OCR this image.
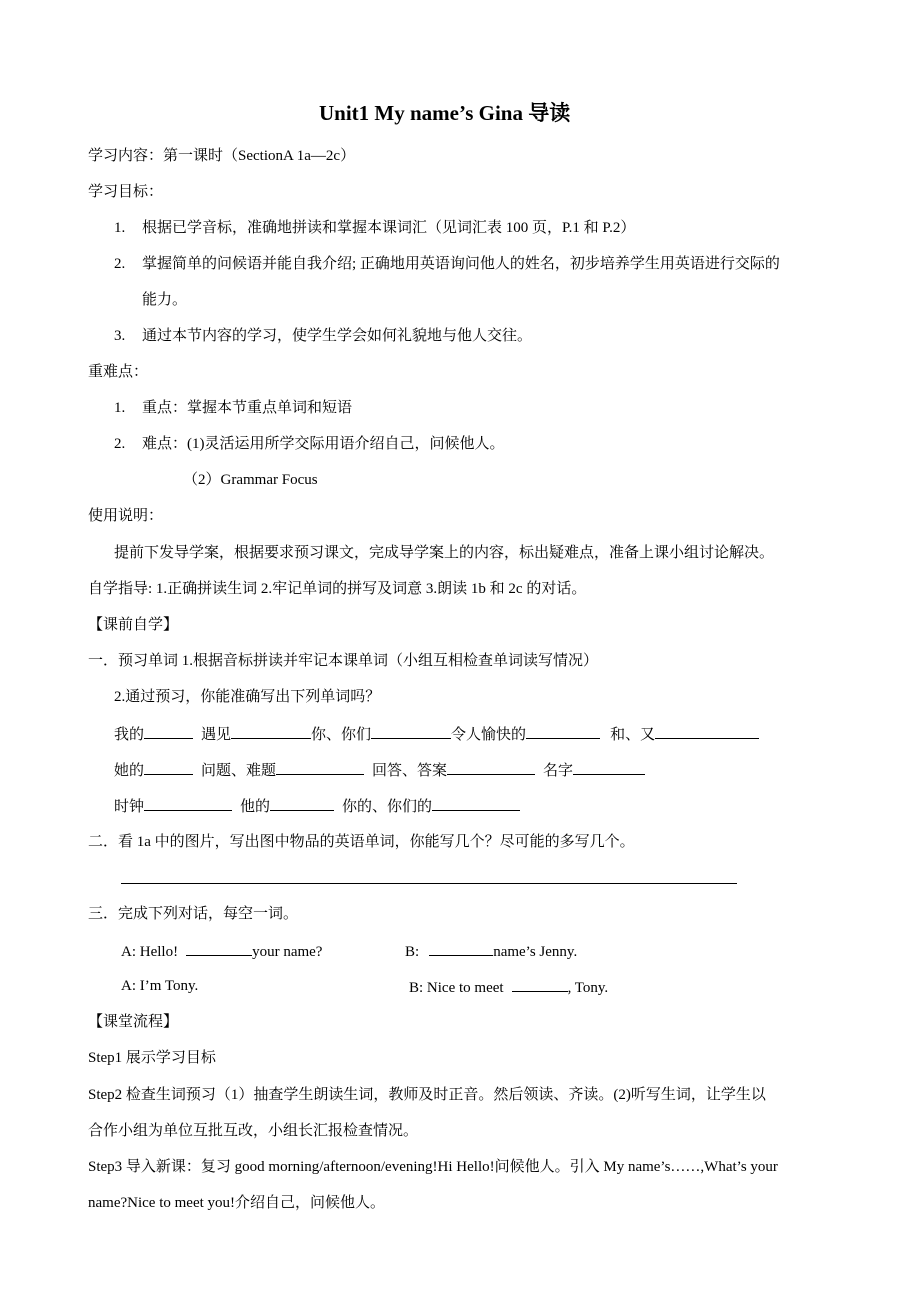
Unit1 My name’s Gina 导读
学习内容：第一课时（SectionA 1a—2c）
学习目标：
1. 根据已学音标，准确地拼读和掌握本课词汇（见词汇表 100 页，P.1 和 P.2）
2. 掌握简单的问候语并能自我介绍; 正确地用英语询问他人的姓名，初步培养学生用英语进行交际的
能力。
3. 通过本节内容的学习，使学生学会如何礼貌地与他人交往。
重难点：
1. 重点：掌握本节重点单词和短语
2. 难点：(1)灵活运用所学交际用语介绍自己，问候他人。
（2）Grammar Focus
使用说明：
提前下发导学案，根据要求预习课文，完成导学案上的内容，标出疑难点，准备上课小组讨论解决。
自学指导: 1.正确拼读生词 2.牢记单词的拼写及词意 3.朗读 1b 和 2c 的对话。
【课前自学】
一．预习单词 1.根据音标拼读并牢记本课单词（小组互相检查单词读写情况）
2.通过预习，你能准确写出下列单词吗？
我的	遇见	你、你们	令人愉快的	和、又
她的	问题、难题	回答、答案	名字
时钟	他的	你的、你们的
二．看 1a 中的图片，写出图中物品的英语单词，你能写几个？尽可能的多写几个。
三．完成下列对话，每空一词。
A: Hello!	your name?	B:	name’s Jenny.
A: I’m Tony.	B: Nice to meet	, Tony.
【课堂流程】
Step1 展示学习目标
Step2 检查生词预习（1）抽查学生朗读生词，教师及时正音。然后领读、齐读。(2)听写生词，让学生以
合作小组为单位互批互改，小组长汇报检查情况。
Step3 导入新课：复习 good morning/afternoon/evening!Hi Hello!问候他人。引入 My name’s……,What’s your
name?Nice to meet you!介绍自己，问候他人。
